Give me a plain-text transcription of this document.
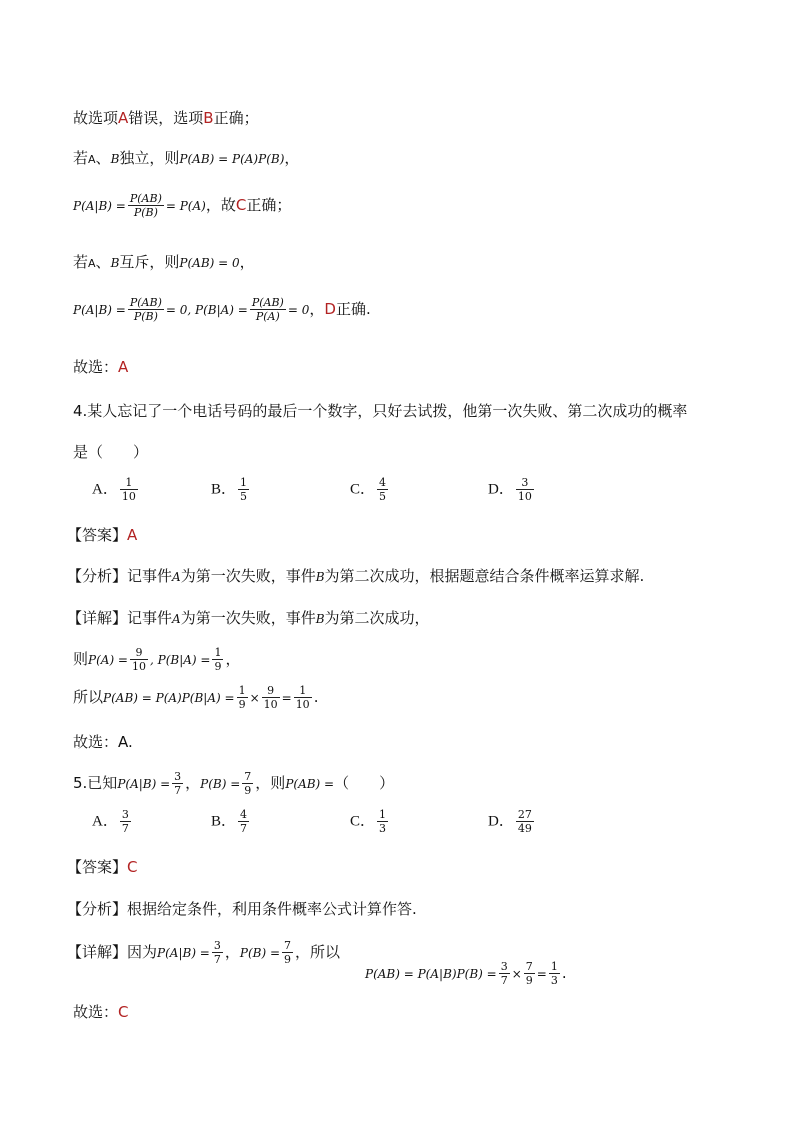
故选项A错误，选项B正确；
若A、B独立，则P(AB) = P(A)P(B)，
$P(A|B) = \frac{P(AB)}{P(B)} = P(A)$，故C正确；
若A、B互斥，则P(AB) = 0，
$P(A|B) = \frac{P(AB)}{P(B)} = 0$, $P(B|A) = \frac{P(AB)}{P(A)} = 0$，D正确.
故选：A
4.某人忘记了一个电话号码的最后一个数字，只好去试拨，他第一次失败、第二次成功的概率
是（　　）
A． $\frac{1}{10}$	B． $\frac{1}{5}$	C． $\frac{4}{5}$	D． $\frac{3}{10}$
【答案】A
【分析】记事件A为第一次失败，事件B为第二次成功，根据题意结合条件概率运算求解.
【详解】记事件A为第一次失败，事件B为第二次成功，
则$P(A) = \frac{9}{10}$ , $P(B|A) = \frac{1}{9}$ ，
所以$P(AB) = P(A)P(B|A) = \frac{1}{9} \times \frac{9}{10} = \frac{1}{10}$ .
故选：A.
5.已知$P(A|B) = \frac{3}{7}$ ，$P(B) = \frac{7}{9}$ ，则P(AB) =（　　）
A． $\frac{3}{7}$	B． $\frac{4}{7}$	C． $\frac{1}{3}$	D． $\frac{27}{49}$
【答案】C
【分析】根据给定条件，利用条件概率公式计算作答.
【详解】因为$P(A|B) = \frac{3}{7}$ ，$P(B) = \frac{7}{9}$ ，所以
$P(AB) = P(A|B)P(B) = \frac{3}{7} \times \frac{7}{9} = \frac{1}{3}$ .
故选：C
